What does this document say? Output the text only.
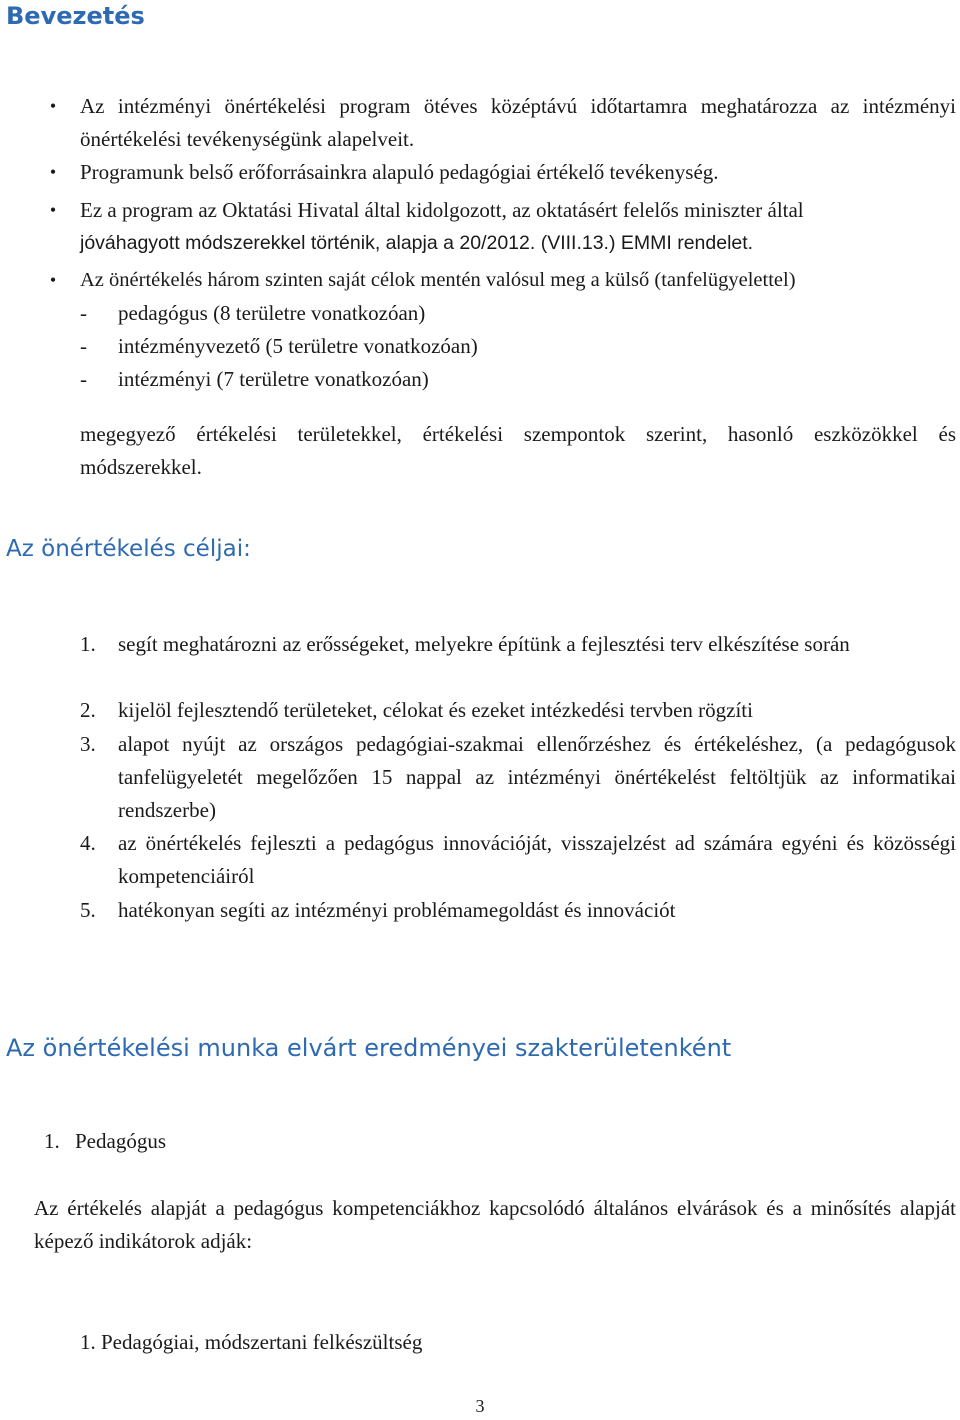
Bevezetés
•	Az intézményi önértékelési program ötéves középtávú időtartamra meghatározza az intézményi önértékelési tevékenységünk alapelveit.
•	Programunk belső erőforrásainkra alapuló pedagógiai értékelő tevékenység.
•	Ez a program az Oktatási Hivatal által kidolgozott, az oktatásért felelős miniszter által
jóváhagyott módszerekkel történik, alapja a 20/2012. (VIII.13.) EMMI rendelet.
•	Az önértékelés három szinten saját célok mentén valósul meg a külső (tanfelügyelettel)
- pedagógus (8 területre vonatkozóan)
- intézményvezető (5 területre vonatkozóan)
- intézményi (7 területre vonatkozóan)
megegyező értékelési területekkel, értékelési szempontok szerint, hasonló eszközökkel és módszerekkel.
Az önértékelés céljai:
1. segít meghatározni az erősségeket, melyekre építünk a fejlesztési terv elkészítése során
2. kijelöl fejlesztendő területeket, célokat és ezeket intézkedési tervben rögzíti
3. alapot nyújt az országos pedagógiai-szakmai ellenőrzéshez és értékeléshez, (a pedagógusok tanfelügyeletét megelőzően 15 nappal az intézményi önértékelést feltöltjük az informatikai rendszerbe)
4. az önértékelés fejleszti a pedagógus innovációját, visszajelzést ad számára egyéni és közösségi kompetenciáiról
5. hatékonyan segíti az intézményi problémamegoldást és innovációt
Az önértékelési munka elvárt eredményei szakterületenként
1. Pedagógus
Az értékelés alapját a pedagógus kompetenciákhoz kapcsolódó általános elvárások és a minősítés alapját képező indikátorok adják:
1. Pedagógiai, módszertani felkészültség
3
